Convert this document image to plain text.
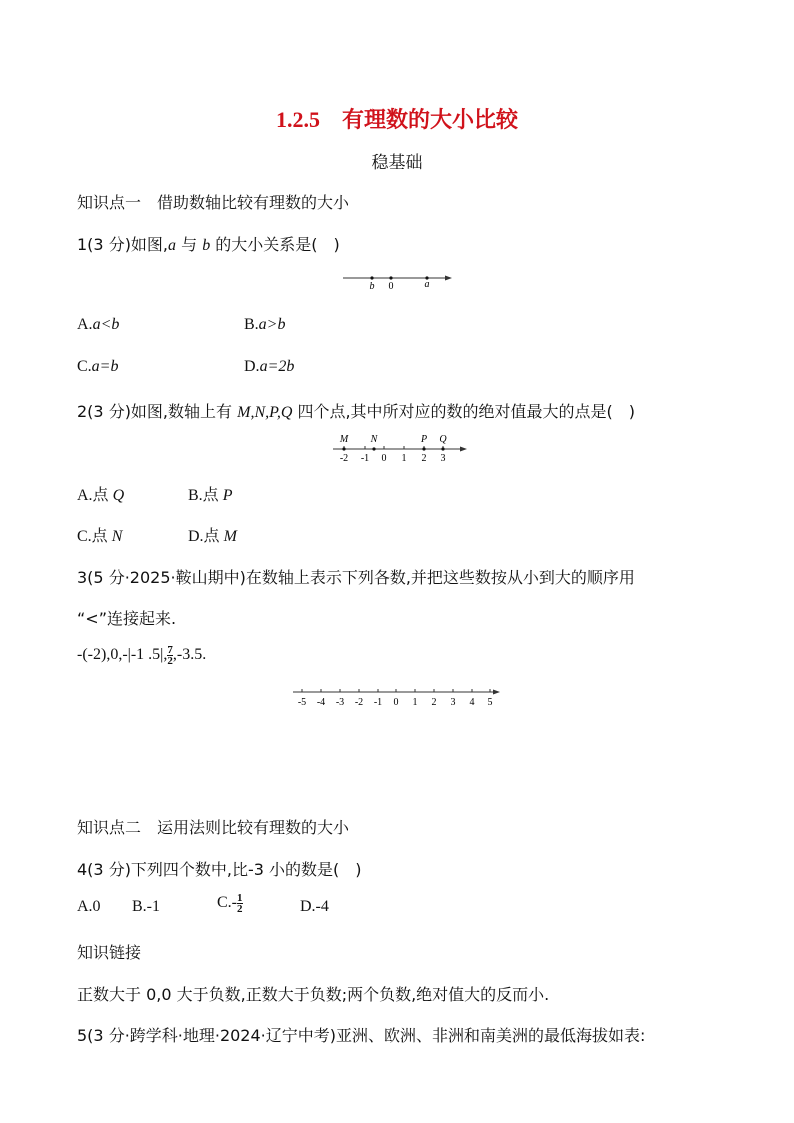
1.2.5 有理数的大小比较
稳基础
知识点一　借助数轴比较有理数的大小
1(3 分)如图,a 与 b 的大小关系是(　)
b 0	a
A.a<b	B.a>b
C.a=b	D.a=2b
2(3 分)如图,数轴上有 M,N,P,Q 四个点,其中所对应的数的绝对值最大的点是(　)
M N	P Q
-2 -1 0 1 2 3
A.点 Q	B.点 P
C.点 N	D.点 M
3(5 分·2025·鞍山期中)在数轴上表示下列各数,并把这些数按从小到大的顺序用
“<”连接起来.
-(-2),0,-|-1 $.5|,\frac{7}{2} ,-3.5$.
-5 -4 -3 -2 -1 0 1 2 3 4 5
知识点二　运用法则比较有理数的大小
4(3 分)下列四个数中,比-3 小的数是(　)
A.0 B.-1	$C.-\frac{1}{2}$	D.-4
知识链接
正数大于 0,0 大于负数,正数大于负数;两个负数,绝对值大的反而小.
5(3 分·跨学科·地理·2024·辽宁中考)亚洲、欧洲、非洲和南美洲的最低海拔如表:
